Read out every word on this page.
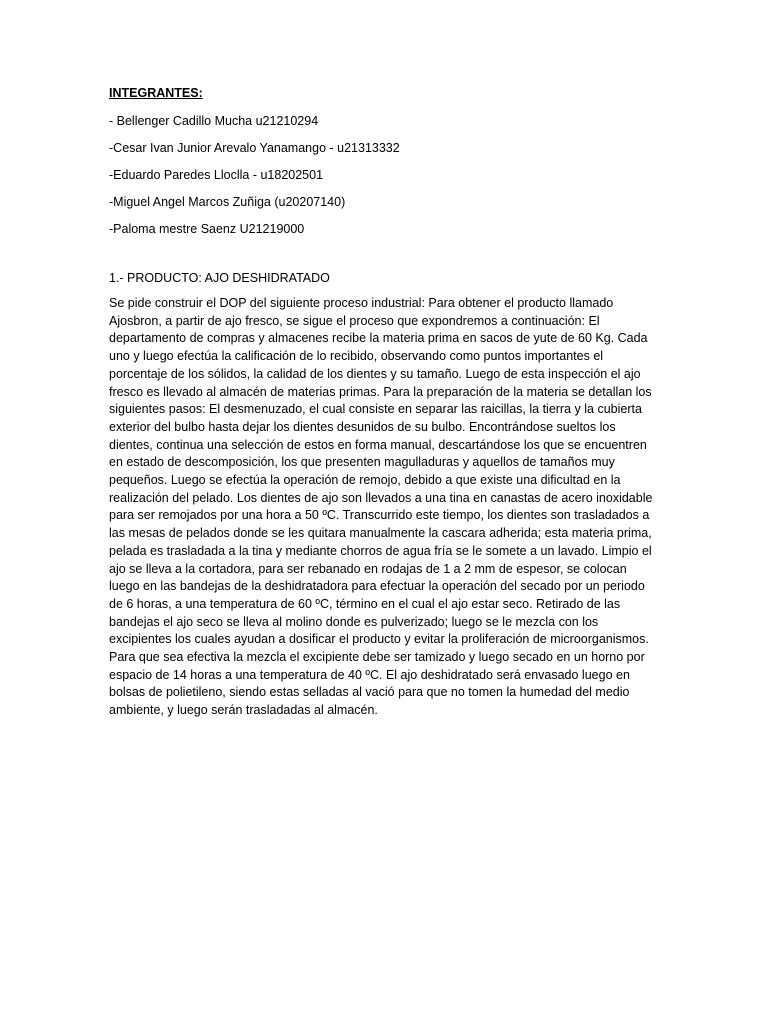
INTEGRANTES:
- Bellenger Cadillo Mucha u21210294
-Cesar Ivan Junior Arevalo Yanamango - u21313332
-Eduardo Paredes Lloclla - u18202501
-Miguel Angel Marcos Zuñiga (u20207140)
-Paloma mestre Saenz U21219000
1.- PRODUCTO: AJO DESHIDRATADO

Se pide construir el DOP del siguiente proceso industrial: Para obtener el producto llamado Ajosbron, a partir de ajo fresco, se sigue el proceso que expondremos a continuación: El departamento de compras y almacenes recibe la materia prima en sacos de yute de 60 Kg. Cada uno y luego efectúa la calificación de lo recibido, observando como puntos importantes el porcentaje de los sólidos, la calidad de los dientes y su tamaño. Luego de esta inspección el ajo fresco es llevado al almacén de materias primas. Para la preparación de la materia se detallan los siguientes pasos: El desmenuzado, el cual consiste en separar las raicillas, la tierra y la cubierta exterior del bulbo hasta dejar los dientes desunidos de su bulbo. Encontrándose sueltos los dientes, continua una selección de estos en forma manual, descartándose los que se encuentren en estado de descomposición, los que presenten magulladuras y aquellos de tamaños muy pequeños. Luego se efectúa la operación de remojo, debido a que existe una dificultad en la realización del pelado. Los dientes de ajo son llevados a una tina en canastas de acero inoxidable para ser remojados por una hora a 50 ºC. Transcurrido este tiempo, los dientes son trasladados a las mesas de pelados donde se les quitara manualmente la cascara adherida; esta materia prima, pelada es trasladada a la tina y mediante chorros de agua fría se le somete a un lavado. Limpio el ajo se lleva a la cortadora, para ser rebanado en rodajas de 1 a 2 mm de espesor, se colocan luego en las bandejas de la deshidratadora para efectuar la operación del secado por un periodo de 6 horas, a una temperatura de 60 ºC, término en el cual el ajo estar seco. Retirado de las bandejas el ajo seco se lleva al molino donde es pulverizado; luego se le mezcla con los excipientes los cuales ayudan a dosificar el producto y evitar la proliferación de microorganismos. Para que sea efectiva la mezcla el excipiente debe ser tamizado y luego secado en un horno por espacio de 14 horas a una temperatura de 40 ºC. El ajo deshidratado será envasado luego en bolsas de polietileno, siendo estas selladas al vació para que no tomen la humedad del medio ambiente, y luego serán trasladadas al almacén.
